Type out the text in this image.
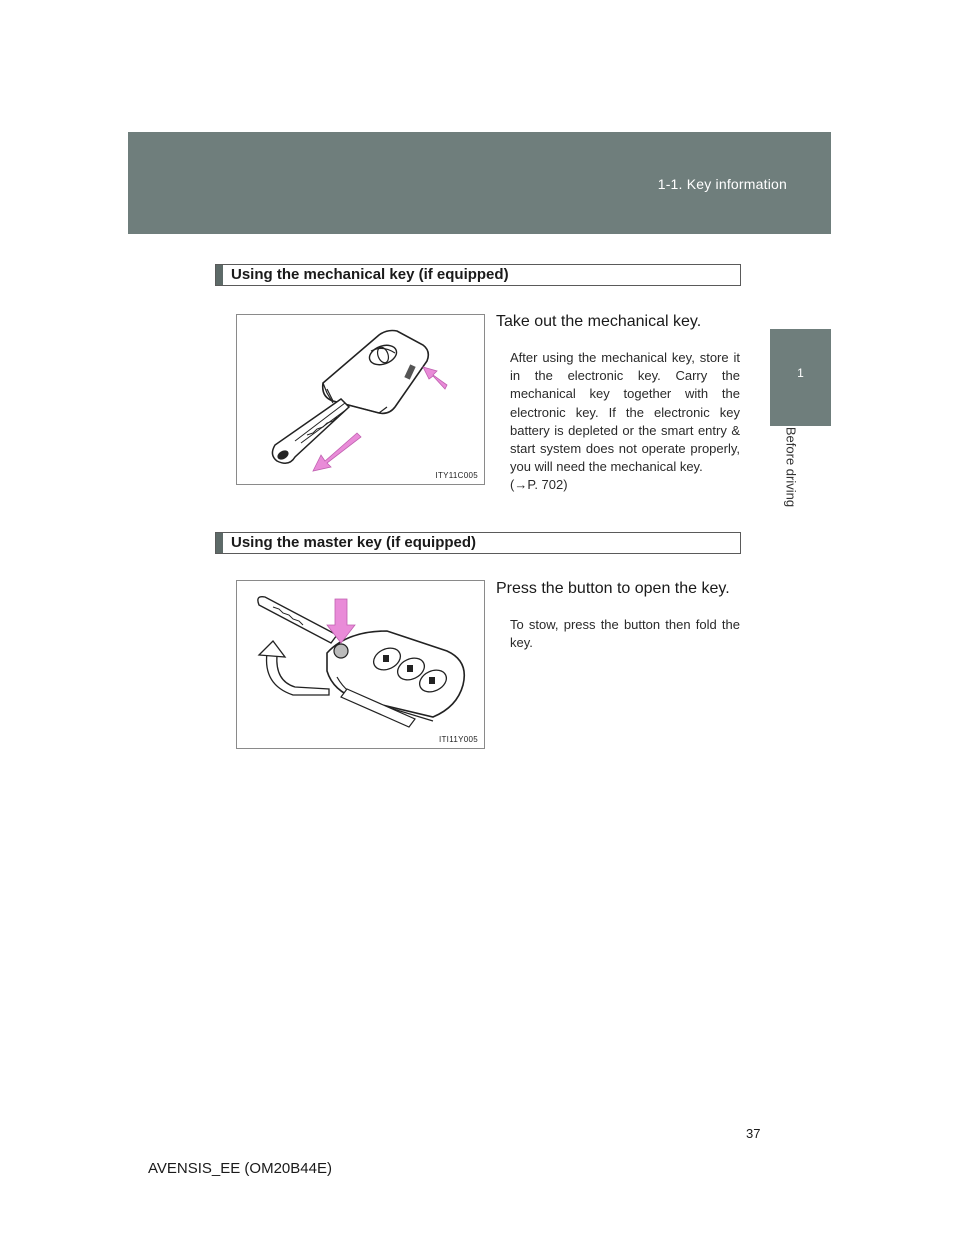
1-1. Key information
1
Before driving
Using the mechanical key (if equipped)
ITY11C005
Take out the mechanical key.
After using the mechanical key, store it in the electronic key. Carry the mechanical key together with the electronic key. If the electronic key battery is depleted or the smart entry & start system does not operate properly, you will need the mechanical key.
(→P. 702)
Using the master key (if equipped)
ITI11Y005
Press the button to open the key.
To stow, press the button then fold the key.
37
AVENSIS_EE (OM20B44E)
